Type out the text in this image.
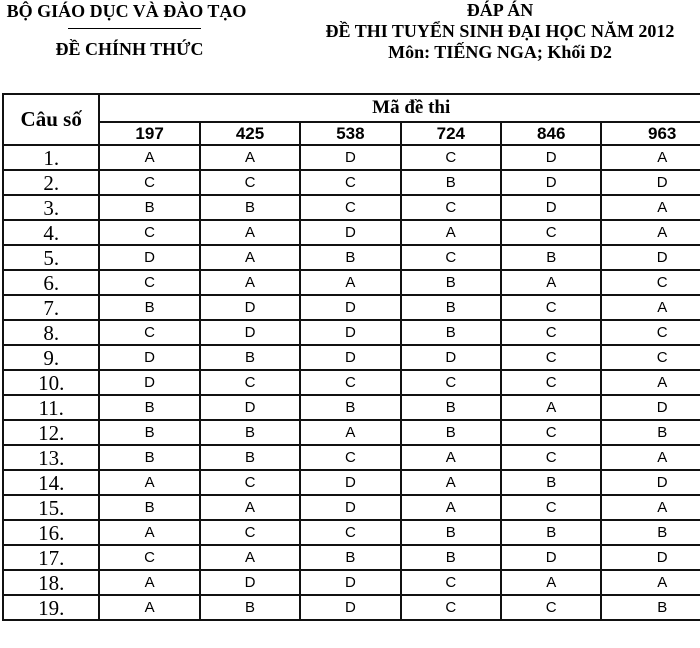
BỘ GIÁO DỤC VÀ ĐÀO TẠO
ĐỀ CHÍNH THỨC
ĐÁP ÁN
ĐỀ THI TUYỂN SINH ĐẠI HỌC NĂM 2012
Môn: TIẾNG NGA; Khối D2
Câu số	Mã đề thi					
	197	425	538	724	846	963
1.	A	A	D	C	D	A
2.	C	C	C	B	D	D
3.	B	B	C	C	D	A
4.	C	A	D	A	C	A
5.	D	A	B	C	B	D
6.	C	A	A	B	A	C
7.	B	D	D	B	C	A
8.	C	D	D	B	C	C
9.	D	B	D	D	C	C
10.	D	C	C	C	C	A
11.	B	D	B	B	A	D
12.	B	B	A	B	C	B
13.	B	B	C	A	C	A
14.	A	C	D	A	B	D
15.	B	A	D	A	C	A
16.	A	C	C	B	B	B
17.	C	A	B	B	D	D
18.	A	D	D	C	A	A
19.	A	B	D	C	C	B
